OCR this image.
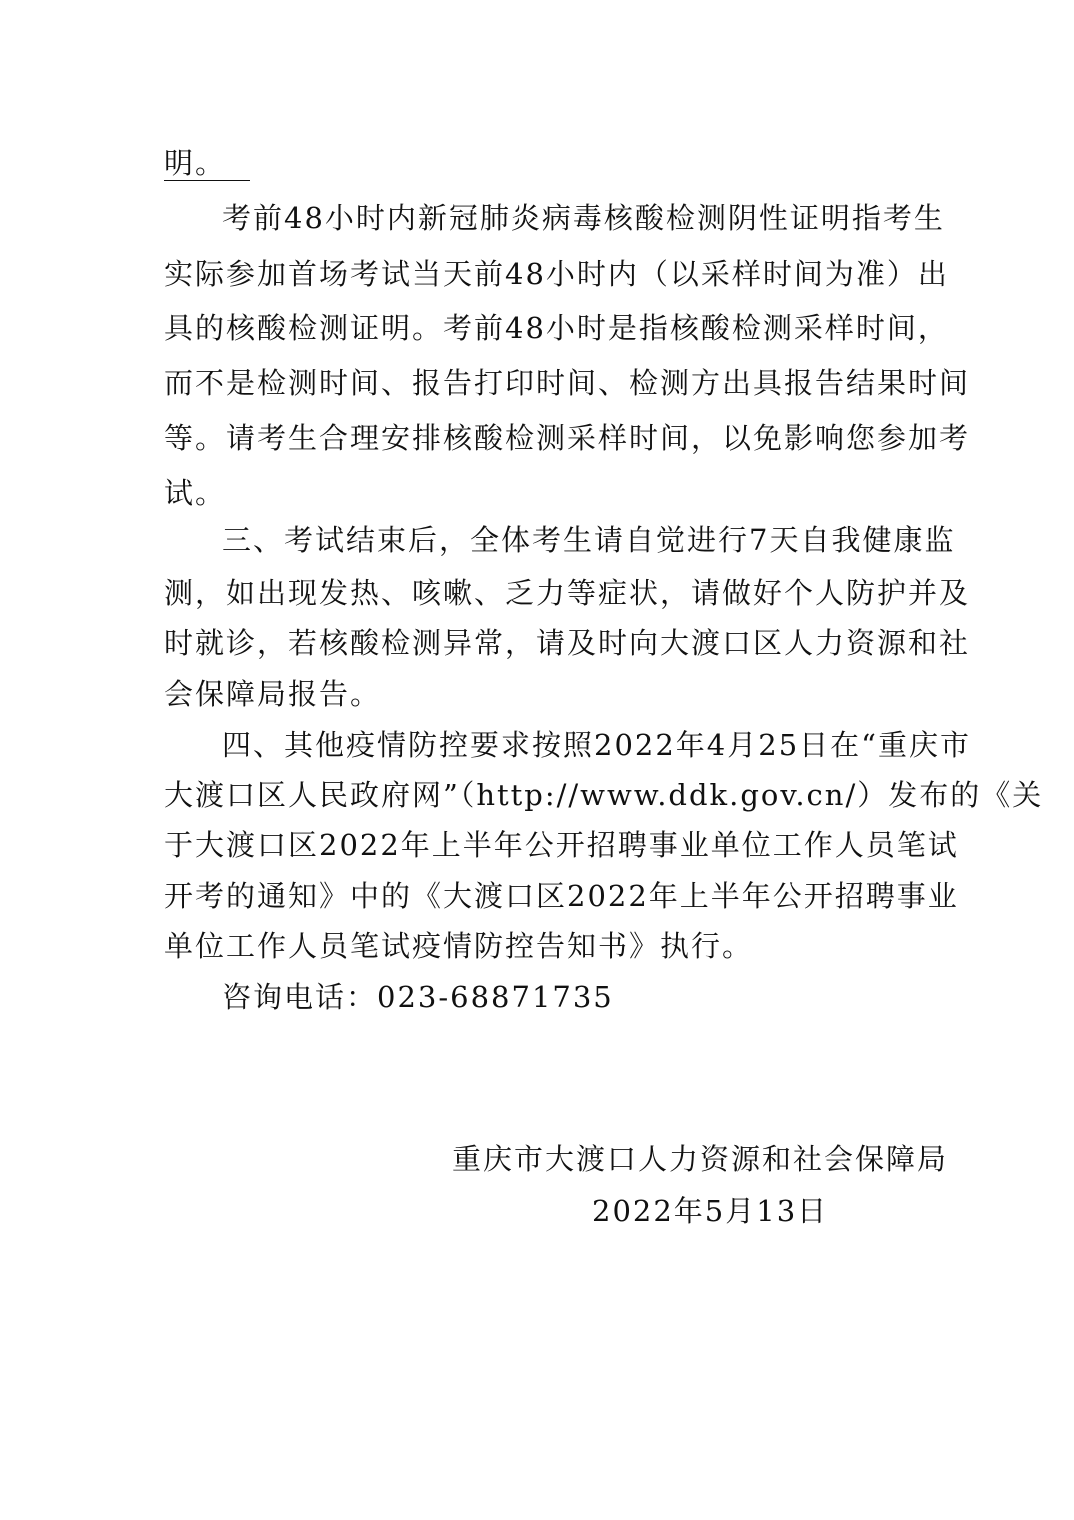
明。
考前48小时内新冠肺炎病毒核酸检测阴性证明指考生
实际参加首场考试当天前48小时内（以采样时间为准）出
具的核酸检测证明。考前48小时是指核酸检测采样时间，
而不是检测时间、报告打印时间、检测方出具报告结果时间
等。请考生合理安排核酸检测采样时间，以免影响您参加考
试。
三、考试结束后，全体考生请自觉进行7天自我健康监
测，如出现发热、咳嗽、乏力等症状，请做好个人防护并及
时就诊，若核酸检测异常，请及时向大渡口区人力资源和社
会保障局报告。
四、其他疫情防控要求按照2022年4月25日在“重庆市
大渡口区人民政府网”（http://www.ddk.gov.cn/）发布的《关
于大渡口区2022年上半年公开招聘事业单位工作人员笔试
开考的通知》中的《大渡口区2022年上半年公开招聘事业
单位工作人员笔试疫情防控告知书》执行。
咨询电话：023-68871735
重庆市大渡口人力资源和社会保障局
2022年5月13日
